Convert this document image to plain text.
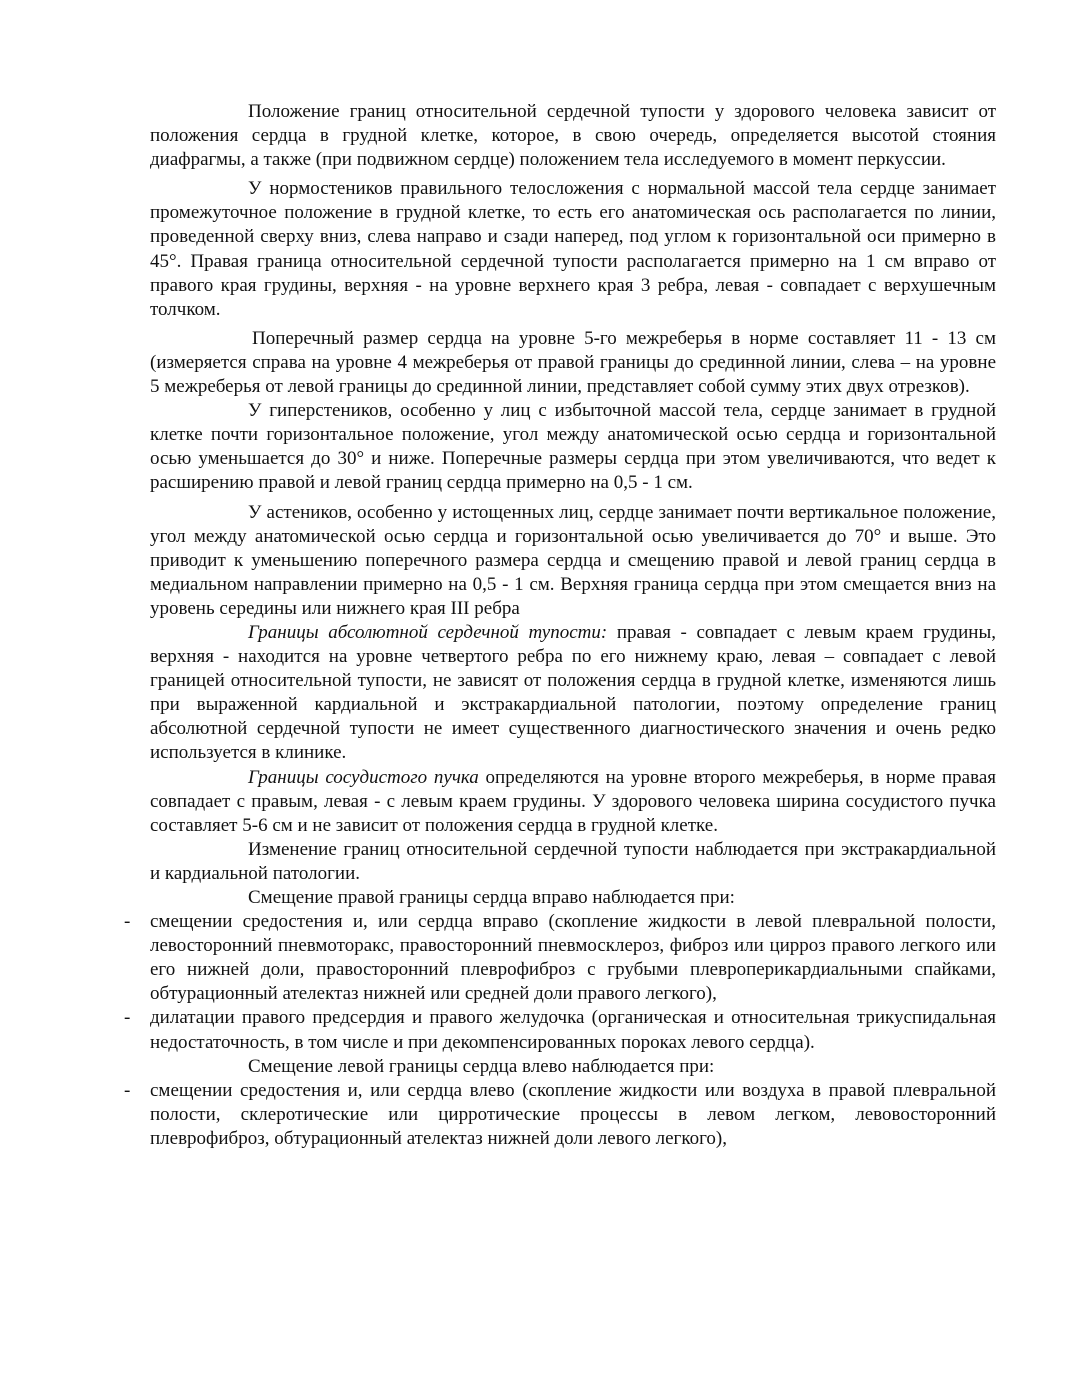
Положение границ относительной сердечной тупости у здорового человека зависит от положения сердца в грудной клетке, которое, в свою очередь, определяется высотой стояния диафрагмы, а также (при подвижном сердце) положением тела исследуемого в момент перкуссии.

У нормостеников правильного телосложения с нормальной массой тела сердце занимает промежуточное положение в грудной клетке, то есть его анатомическая ось располагается по линии, проведенной сверху вниз, слева направо и сзади наперед, под углом к горизонтальной оси примерно в 45°. Правая граница относительной сердечной тупости располагается примерно на 1 см вправо от правого края грудины, верхняя - на уровне верхнего края 3 ребра, левая - совпадает с верхушечным толчком.

Поперечный размер сердца на уровне 5-го межреберья в норме составляет 11 - 13 см (измеряется справа на уровне 4 межреберья от правой границы до срединной линии, слева – на уровне 5 межреберья от левой границы до срединной линии, представляет собой сумму этих двух отрезков).

У гиперстеников, особенно у лиц с избыточной массой тела, сердце занимает в грудной клетке почти горизонтальное положение, угол между анатомической осью сердца и горизонтальной осью уменьшается до 30° и ниже. Поперечные размеры сердца при этом увеличиваются, что ведет к расширению правой и левой границ сердца примерно на 0,5 - 1 см.

У астеников, особенно у истощенных лиц, сердце занимает почти вертикальное положение, угол между анатомической осью сердца и горизонтальной осью увеличивается до 70° и выше. Это приводит к уменьшению поперечного размера сердца и смещению правой и левой границ сердца в медиальном направлении примерно на 0,5 - 1 см. Верхняя граница сердца при этом смещается вниз на уровень середины или нижнего края III ребра

Границы абсолютной сердечной тупости: правая - совпадает с левым краем грудины, верхняя - находится на уровне четвертого ребра по его нижнему краю, левая – совпадает с левой границей относительной тупости, не зависят от положения сердца в грудной клетке, изменяются лишь при выраженной кардиальной и экстракардиальной патологии, поэтому определение границ абсолютной сердечной тупости не имеет существенного диагностического значения и очень редко используется в клинике.

Границы сосудистого пучка определяются на уровне второго межреберья, в норме правая совпадает с правым, левая - с левым краем грудины. У здорового человека ширина сосудистого пучка составляет 5-6 см и не зависит от положения сердца в грудной клетке.

Изменение границ относительной сердечной тупости наблюдается при экстракардиальной и кардиальной патологии.

Смещение правой границы сердца вправо наблюдается при:

- смещении средостения и, или сердца вправо (скопление жидкости в левой плевральной полости, левосторонний пневмоторакс, правосторонний пневмосклероз, фиброз или цирроз правого легкого или его нижней доли, правосторонний плеврофиброз с грубыми плевроперикардиальными спайками, обтурационный ателектаз нижней или средней доли правого легкого),
- дилатации правого предсердия и правого желудочка (органическая и относительная трикуспидальная недостаточность, в том числе и при декомпенсированных пороках левого сердца).

Смещение левой границы сердца влево наблюдается при:

- смещении средостения и, или сердца влево (скопление жидкости или воздуха в правой плевральной полости, склеротические или цирротические процессы в левом легком, левовосторонний плеврофиброз, обтурационный ателектаз нижней доли левого легкого),
